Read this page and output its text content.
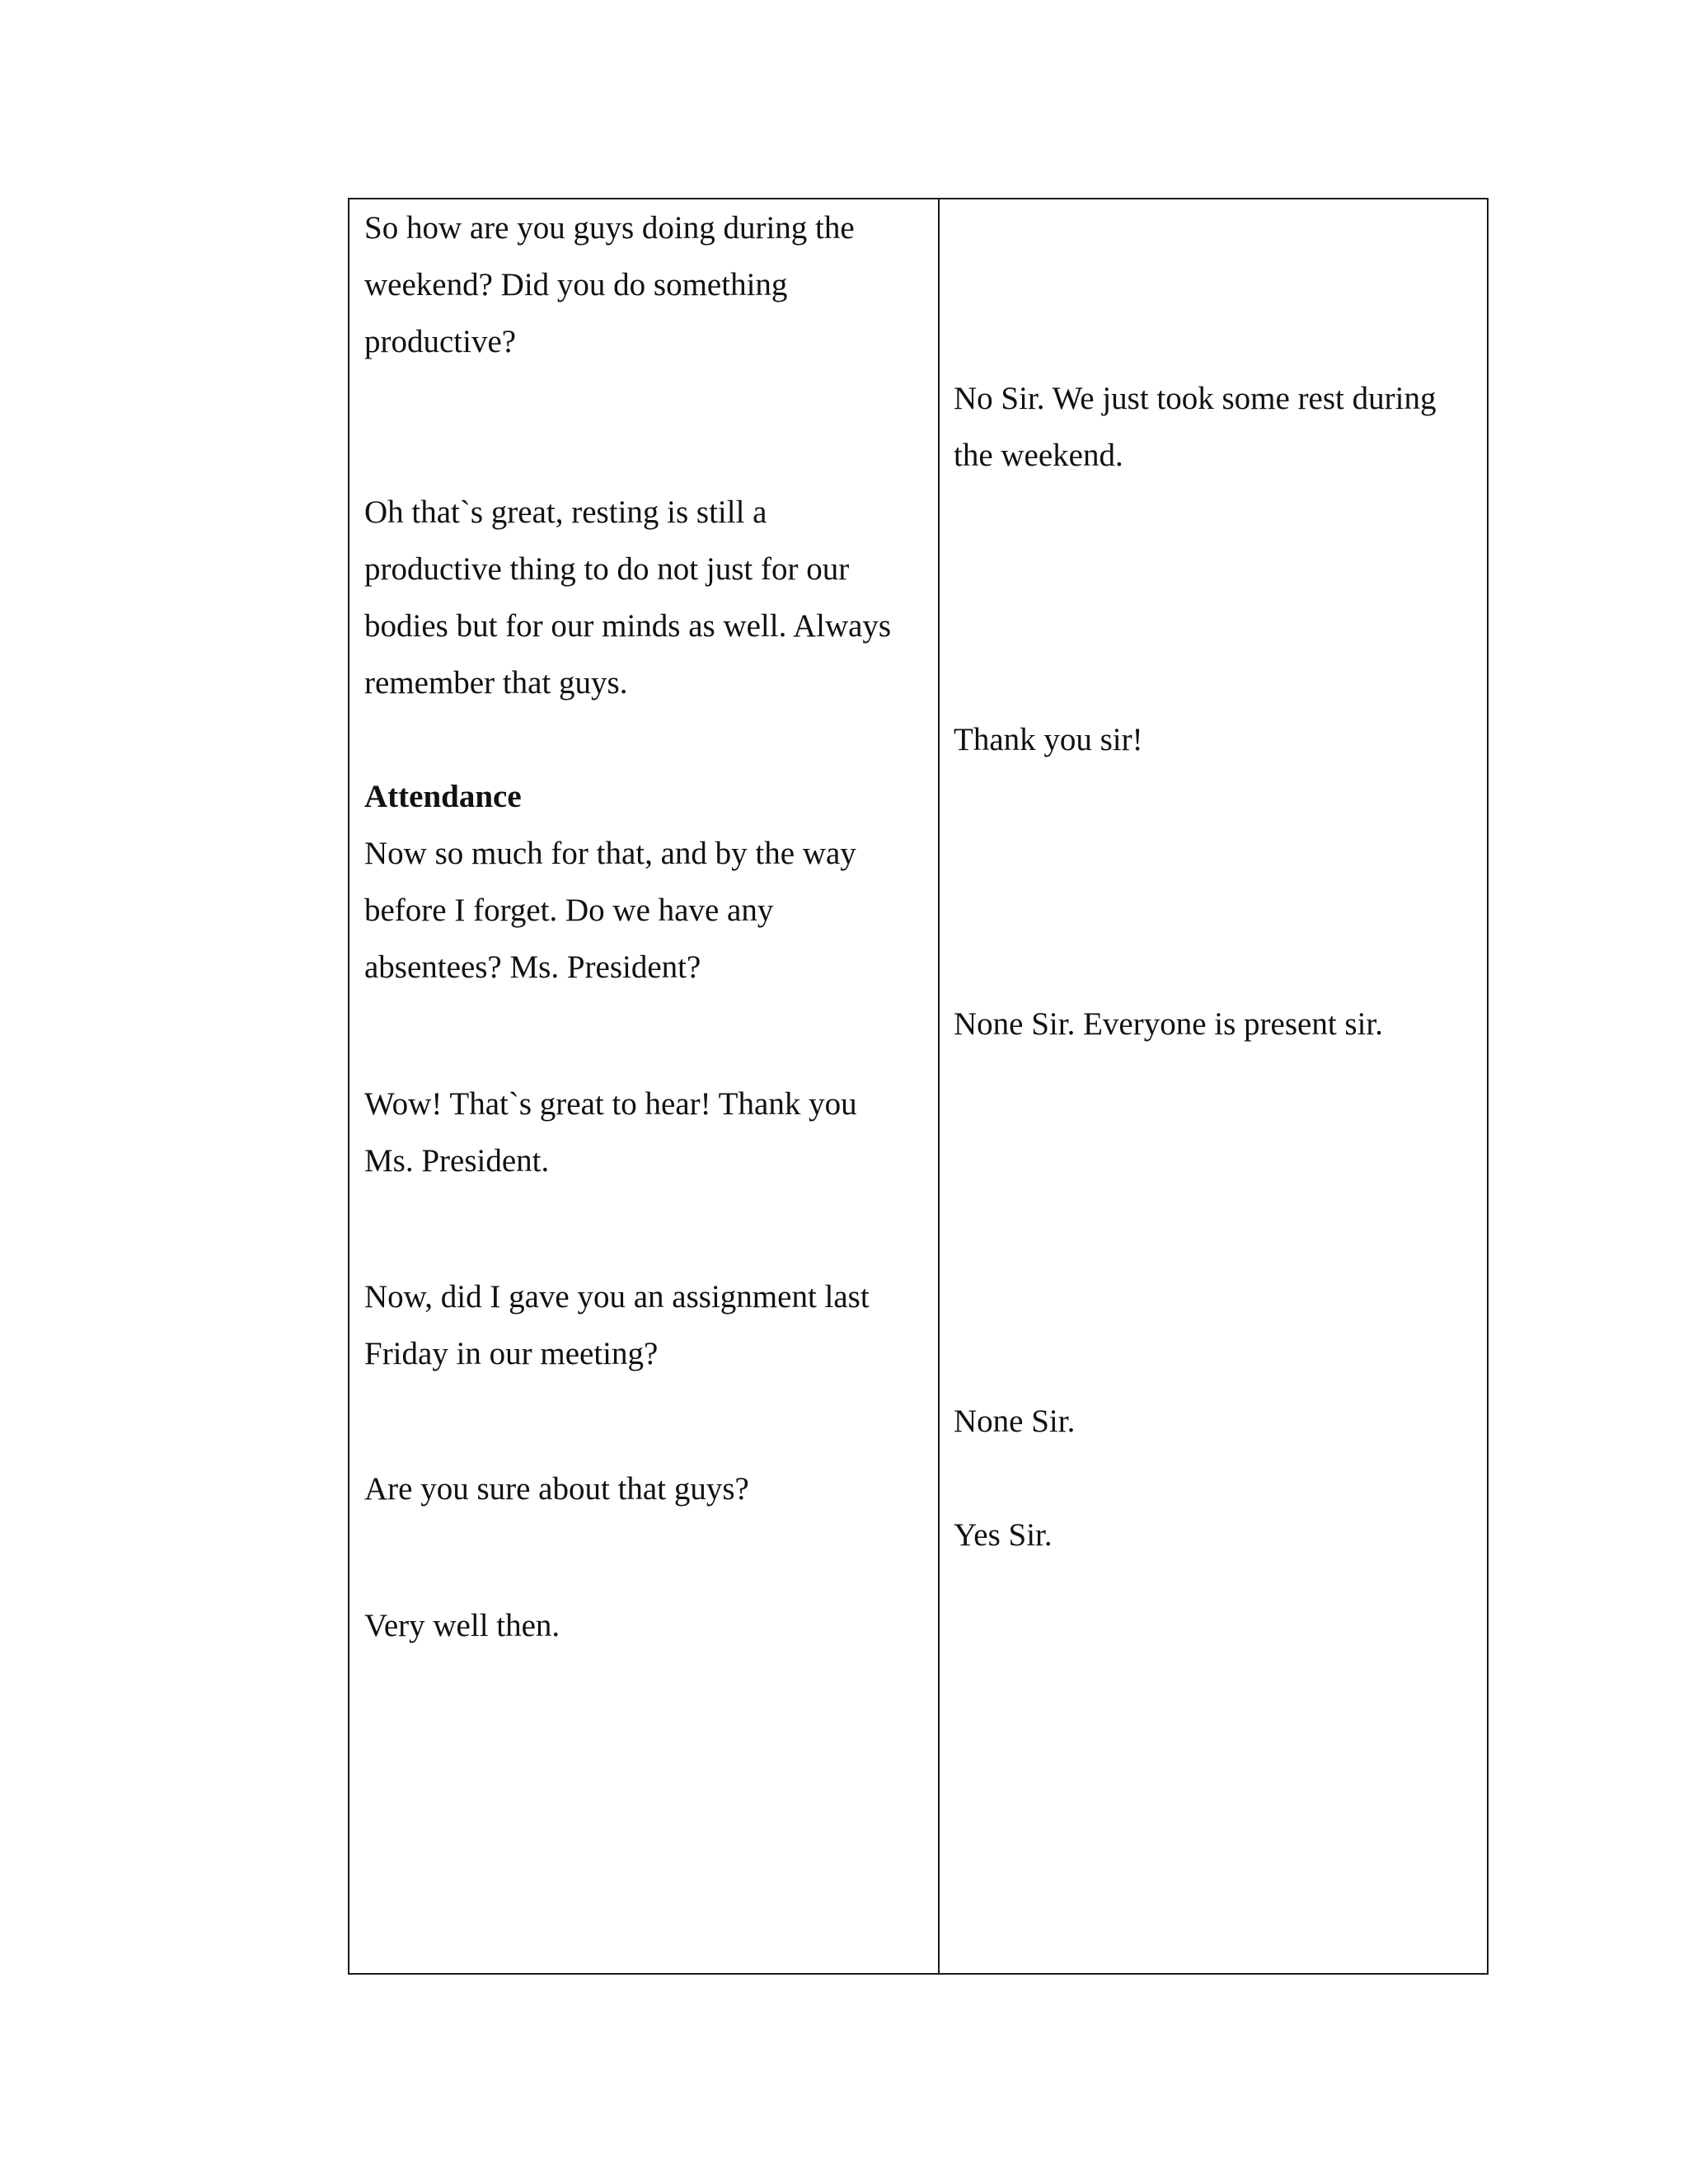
So how are you guys doing during the
weekend? Did you do something
productive?
Oh that`s great, resting is still a
productive thing to do not just for our
bodies but for our minds as well. Always
remember that guys.
Attendance
Now so much for that, and by the way
before I forget. Do we have any
absentees? Ms. President?
Wow! That`s great to hear! Thank you
Ms. President.
Now, did I gave you an assignment last
Friday in our meeting?
Are you sure about that guys?
Very well then.
No Sir. We just took some rest during
the weekend.
Thank you sir!
None Sir. Everyone is present sir.
None Sir.
Yes Sir.
